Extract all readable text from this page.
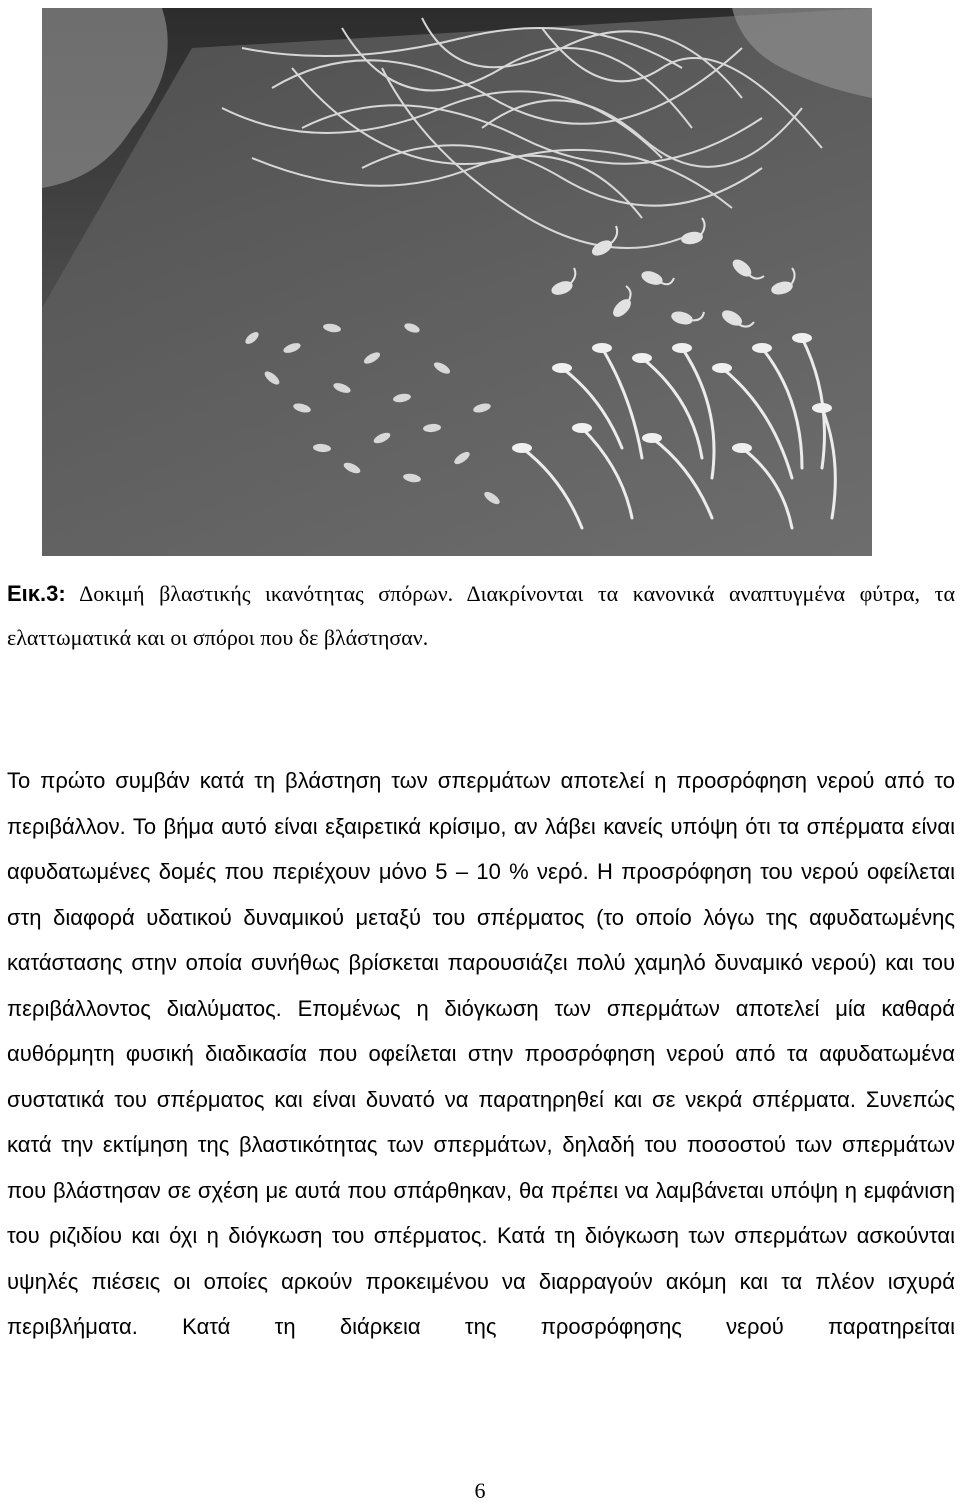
Εικ.3: Δοκιμή βλαστικής ικανότητας σπόρων. Διακρίνονται τα κανονικά αναπτυγμένα φύτρα, τα ελαττωματικά και οι σπόροι που δε βλάστησαν.

Το πρώτο συμβάν κατά τη βλάστηση των σπερμάτων αποτελεί η προσρόφηση νερού από το περιβάλλον. Το βήμα αυτό είναι εξαιρετικά κρίσιμο, αν λάβει κανείς υπόψη ότι τα σπέρματα είναι αφυδατωμένες δομές που περιέχουν μόνο 5 – 10 % νερό. Η προσρόφηση του νερού οφείλεται στη διαφορά υδατικού δυναμικού μεταξύ του σπέρματος (το οποίο λόγω της αφυδατωμένης κατάστασης στην οποία συνήθως βρίσκεται παρουσιάζει πολύ χαμηλό δυναμικό νερού) και του περιβάλλοντος διαλύματος. Επομένως η διόγκωση των σπερμάτων αποτελεί μία καθαρά αυθόρμητη φυσική διαδικασία που οφείλεται στην προσρόφηση νερού από τα αφυδατωμένα συστατικά του σπέρματος και είναι δυνατό να παρατηρηθεί και σε νεκρά σπέρματα. Συνεπώς κατά την εκτίμηση της βλαστικότητας των σπερμάτων, δηλαδή του ποσοστού των σπερμάτων που βλάστησαν σε σχέση με αυτά που σπάρθηκαν, θα πρέπει να λαμβάνεται υπόψη η εμφάνιση του ριζιδίου και όχι η διόγκωση του σπέρματος. Κατά τη διόγκωση των σπερμάτων ασκούνται υψηλές πιέσεις οι οποίες αρκούν προκειμένου να διαρραγούν ακόμη και τα πλέον ισχυρά περιβλήματα. Κατά τη διάρκεια της προσρόφησης νερού παρατηρείται

6
